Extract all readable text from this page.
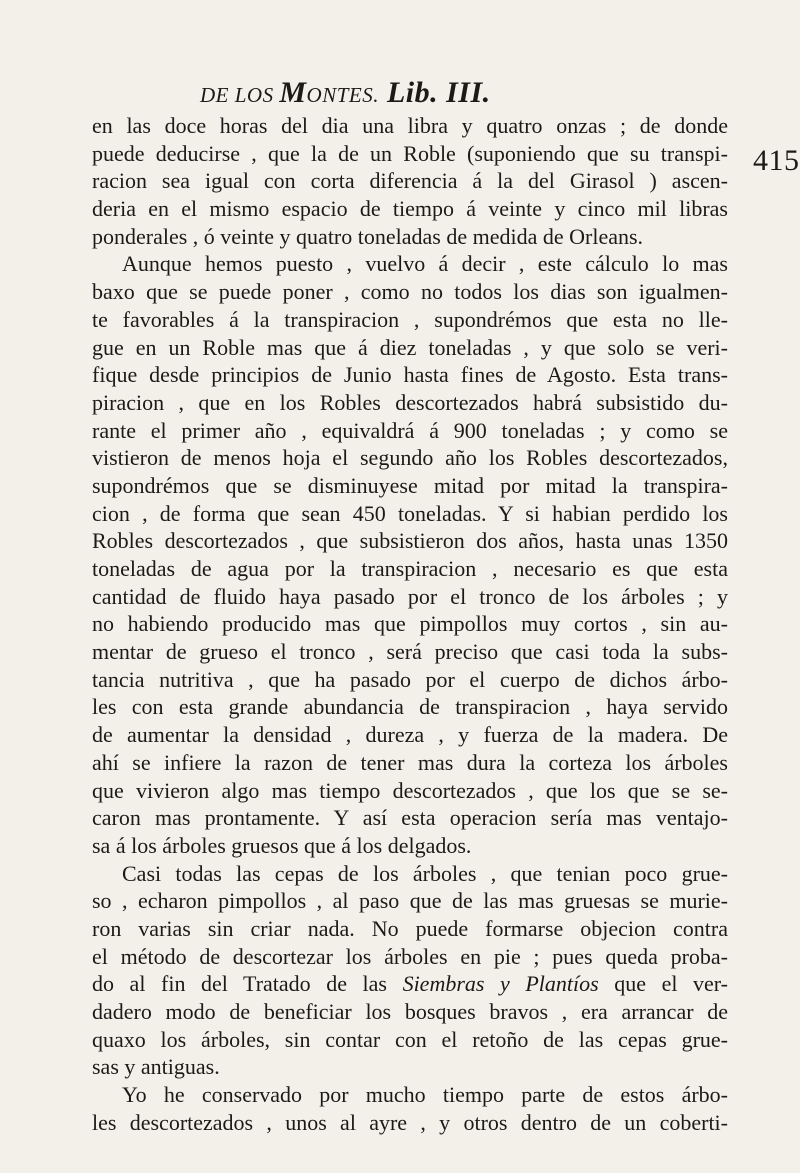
DE LOS MONTES. Lib. III.
415
en las doce horas del dia una libra y quatro onzas ; de donde
puede deducirse , que la de un Roble (suponiendo que su transpi-
racion sea igual con corta diferencia á la del Girasol ) ascen-
deria en el mismo espacio de tiempo á veinte y cinco mil libras
ponderales , ó veinte y quatro toneladas de medida de Orleans.
Aunque hemos puesto , vuelvo á decir , este cálculo lo mas
baxo que se puede poner , como no todos los dias son igualmen-
te favorables á la transpiracion , supondrémos que esta no lle-
gue en un Roble mas que á diez toneladas , y que solo se veri-
fique desde principios de Junio hasta fines de Agosto. Esta trans-
piracion , que en los Robles descortezados habrá subsistido du-
rante el primer año , equivaldrá á 900 toneladas ; y como se
vistieron de menos hoja el segundo año los Robles descortezados,
supondrémos que se disminuyese mitad por mitad la transpira-
cion , de forma que sean 450 toneladas. Y si habian perdido los
Robles descortezados , que subsistieron dos años, hasta unas 1350
toneladas de agua por la transpiracion , necesario es que esta
cantidad de fluido haya pasado por el tronco de los árboles ; y
no habiendo producido mas que pimpollos muy cortos , sin au-
mentar de grueso el tronco , será preciso que casi toda la subs-
tancia nutritiva , que ha pasado por el cuerpo de dichos árbo-
les con esta grande abundancia de transpiracion , haya servido
de aumentar la densidad , dureza , y fuerza de la madera. De
ahí se infiere la razon de tener mas dura la corteza los árboles
que vivieron algo mas tiempo descortezados , que los que se se-
caron mas prontamente. Y así esta operacion sería mas ventajo-
sa á los árboles gruesos que á los delgados.
Casi todas las cepas de los árboles , que tenian poco grue-
so , echaron pimpollos , al paso que de las mas gruesas se murie-
ron varias sin criar nada. No puede formarse objecion contra
el método de descortezar los árboles en pie ; pues queda proba-
do al fin del Tratado de las Siembras y Plantíos que el ver-
dadero modo de beneficiar los bosques bravos , era arrancar de
quaxo los árboles, sin contar con el retoño de las cepas grue-
sas y antiguas.
Yo he conservado por mucho tiempo parte de estos árbo-
les descortezados , unos al ayre , y otros dentro de un coberti-
